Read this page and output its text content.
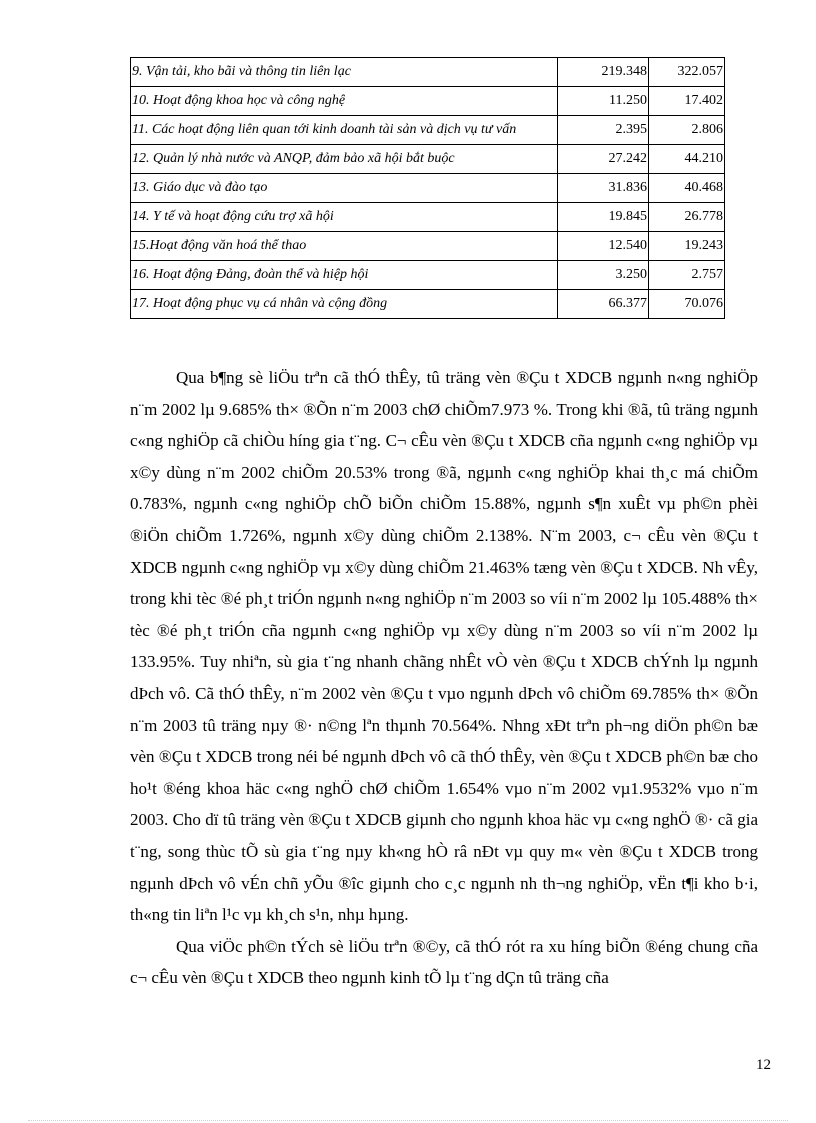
9. Vận tải, kho bãi và thông tin liên lạc	219.348	322.057
10. Hoạt động khoa học và công nghệ	11.250	17.402
11. Các hoạt động liên quan tới kinh doanh tài sản và dịch vụ tư vấn	2.395	2.806
12. Quản lý nhà nước và ANQP, đảm bảo xã hội bắt buộc	27.242	44.210
13. Giáo dục và đào tạo	31.836	40.468
14. Y tế và hoạt động cứu trợ xã hội	19.845	26.778
15.Hoạt động văn hoá thể thao	12.540	19.243
16. Hoạt động Đảng, đoàn thể và hiệp hội	3.250	2.757
17. Hoạt động phục vụ cá nhân và cộng đồng	66.377	70.076

Qua b¶ng sè liÖu trªn cã thÓ thÊy, tû träng vèn ®Çu t XDCB ngµnh n«ng nghiÖp n¨m 2002 lµ 9.685% th× ®Õn n¨m 2003 chØ chiÕm7.973 %. Trong khi ®ã, tû träng ngµnh c«ng nghiÖp cã chiÒu híng gia t¨ng. C¬ cÊu vèn ®Çu t XDCB cña ngµnh c«ng nghiÖp vµ x©y dùng n¨m 2002 chiÕm 20.53% trong ®ã, ngµnh c«ng nghiÖp khai th¸c má chiÕm 0.783%, ngµnh c«ng nghiÖp chÕ biÕn chiÕm 15.88%, ngµnh s¶n xuÊt vµ ph©n phèi ®iÖn chiÕm 1.726%, ngµnh x©y dùng chiÕm 2.138%. N¨m 2003, c¬ cÊu vèn ®Çu t XDCB ngµnh c«ng nghiÖp vµ x©y dùng chiÕm 21.463% tæng vèn ®Çu t XDCB. Nh vÊy, trong khi tèc ®é ph¸t triÓn ngµnh n«ng nghiÖp n¨m 2003 so víi n¨m 2002 lµ 105.488% th× tèc ®é ph¸t triÓn cña ngµnh c«ng nghiÖp vµ x©y dùng n¨m 2003 so víi n¨m 2002 lµ 133.95%. Tuy nhiªn, sù gia t¨ng nhanh chãng nhÊt vÒ vèn ®Çu t XDCB chÝnh lµ ngµnh dÞch vô. Cã thÓ thÊy, n¨m 2002 vèn ®Çu t vµo ngµnh dÞch vô chiÕm 69.785% th× ®Õn n¨m 2003 tû träng nµy ®· n©ng lªn thµnh 70.564%. Nhng xÐt trªn ph¬ng diÖn ph©n bæ vèn ®Çu t XDCB trong néi bé ngµnh dÞch vô cã thÓ thÊy, vèn ®Çu t XDCB ph©n bæ cho ho¹t ®éng khoa häc c«ng nghÖ chØ chiÕm 1.654% vµo n¨m 2002 vµ1.9532% vµo n¨m 2003. Cho dï tû träng vèn ®Çu t XDCB giµnh cho ngµnh khoa häc vµ c«ng nghÖ ®· cã gia t¨ng, song thùc tÕ sù gia t¨ng nµy kh«ng hÒ râ nÐt vµ quy m« vèn ®Çu t XDCB trong ngµnh dÞch vô vÉn chñ yÕu ®îc giµnh cho c¸c ngµnh nh th¬ng nghiÖp, vËn t¶i kho b·i, th«ng tin liªn l¹c vµ kh¸ch s¹n, nhµ hµng.

Qua viÖc ph©n tÝch sè liÖu trªn ®©y, cã thÓ rót ra xu híng biÕn ®éng chung cña c¬ cÊu vèn ®Çu t XDCB theo ngµnh kinh tÕ lµ t¨ng dÇn tû träng cña

12
